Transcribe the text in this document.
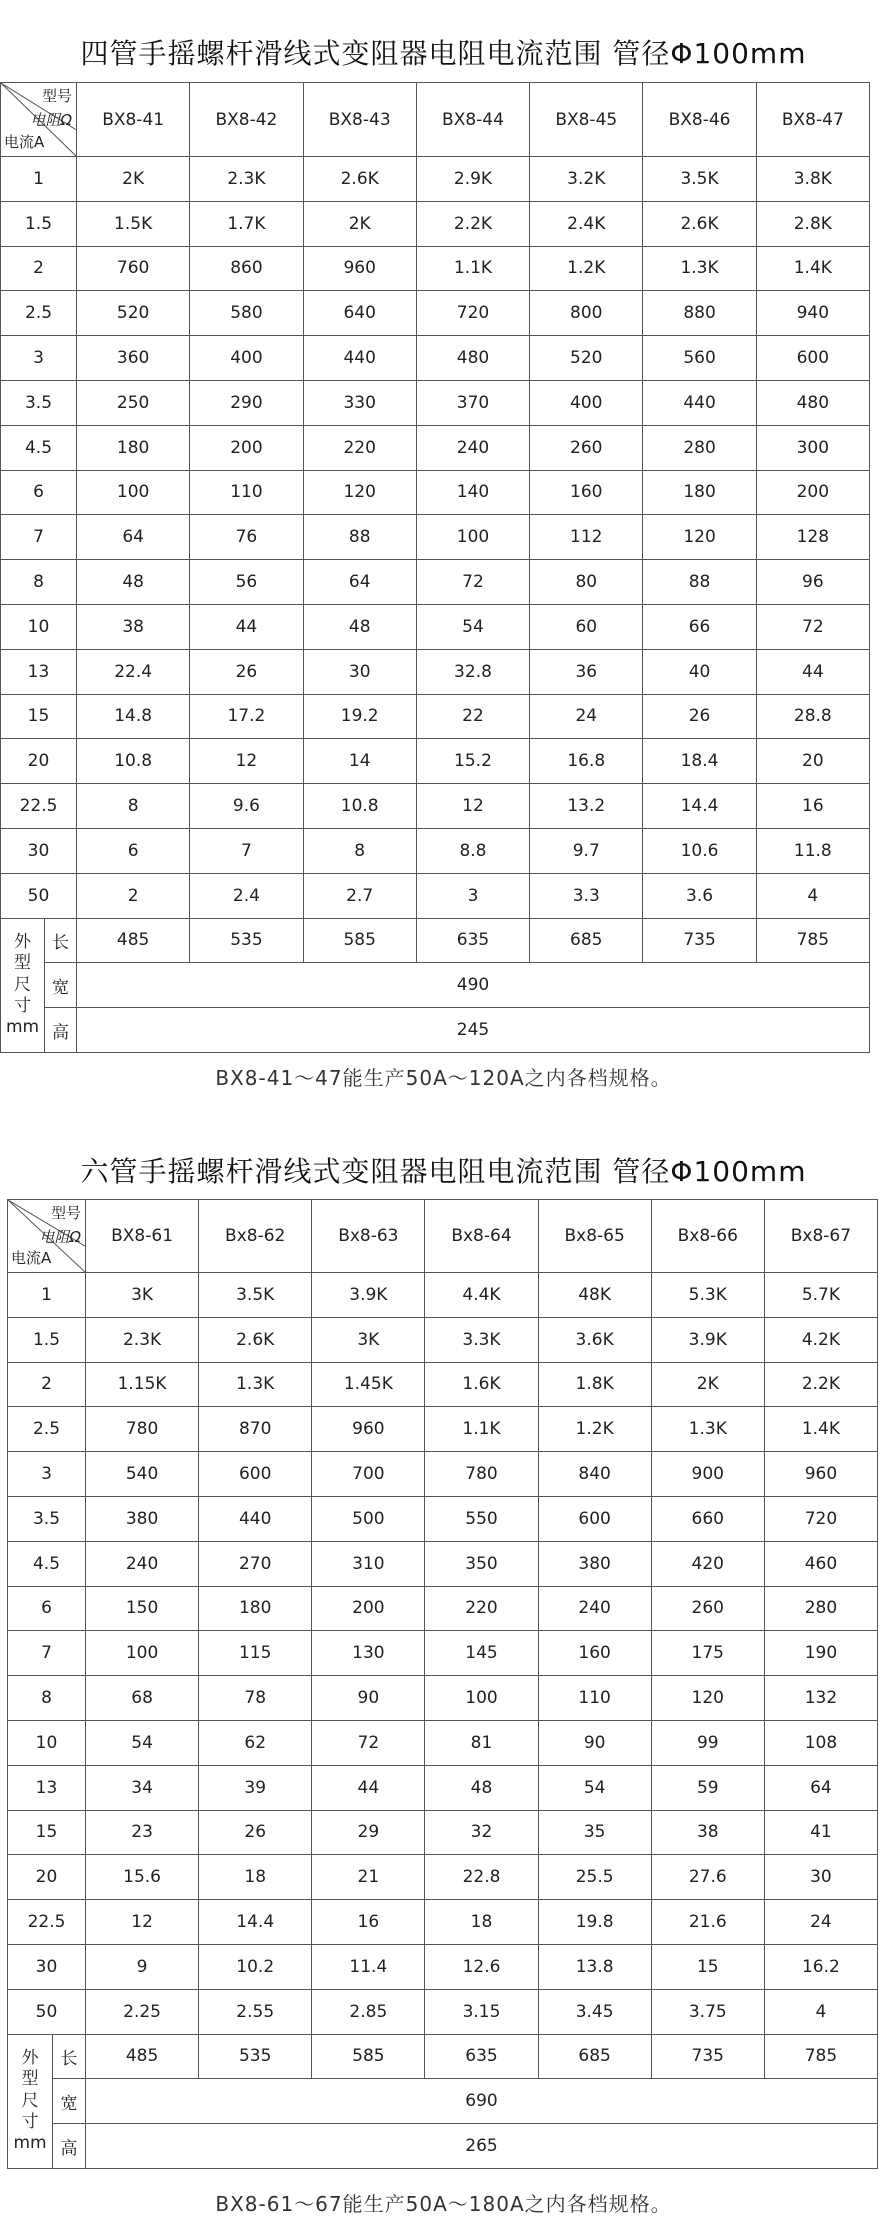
四管手摇螺杆滑线式变阻器电阻电流范围 管径Φ100mm
型号
电阻Ω
电流A		BX8-41	BX8-42	BX8-43	BX8-44	BX8-45	BX8-46	BX8-47
1		2K	2.3K	2.6K	2.9K	3.2K	3.5K	3.8K
1.5		1.5K	1.7K	2K	2.2K	2.4K	2.6K	2.8K
2		760	860	960	1.1K	1.2K	1.3K	1.4K
2.5		520	580	640	720	800	880	940
3		360	400	440	480	520	560	600
3.5		250	290	330	370	400	440	480
4.5		180	200	220	240	260	280	300
6		100	110	120	140	160	180	200
7		64	76	88	100	112	120	128
8		48	56	64	72	80	88	96
10		38	44	48	54	60	66	72
13		22.4	26	30	32.8	36	40	44
15		14.8	17.2	19.2	22	24	26	28.8
20		10.8	12	14	15.2	16.8	18.4	20
22.5		8	9.6	10.8	12	13.2	14.4	16
30		6	7	8	8.8	9.7	10.6	11.8
50		2	2.4	2.7	3	3.3	3.6	4

外
型
尺
寸
mm	长	485	535	585	635	685	735	785
	宽	490						
	高	245						
BX8-41～47能生产50A～120A之内各档规格。
六管手摇螺杆滑线式变阻器电阻电流范围 管径Φ100mm
型号
电阻Ω
电流A		BX8-61	Bx8-62	Bx8-63	Bx8-64	Bx8-65	Bx8-66	Bx8-67
1		3K	3.5K	3.9K	4.4K	48K	5.3K	5.7K
1.5		2.3K	2.6K	3K	3.3K	3.6K	3.9K	4.2K
2		1.15K	1.3K	1.45K	1.6K	1.8K	2K	2.2K
2.5		780	870	960	1.1K	1.2K	1.3K	1.4K
3		540	600	700	780	840	900	960
3.5		380	440	500	550	600	660	720
4.5		240	270	310	350	380	420	460
6		150	180	200	220	240	260	280
7		100	115	130	145	160	175	190
8		68	78	90	100	110	120	132
10		54	62	72	81	90	99	108
13		34	39	44	48	54	59	64
15		23	26	29	32	35	38	41
20		15.6	18	21	22.8	25.5	27.6	30
22.5		12	14.4	16	18	19.8	21.6	24
30		9	10.2	11.4	12.6	13.8	15	16.2
50		2.25	2.55	2.85	3.15	3.45	3.75	4

外
型
尺
寸
mm	长	485	535	585	635	685	735	785
	宽	690						
	高	265						
BX8-61～67能生产50A～180A之内各档规格。
